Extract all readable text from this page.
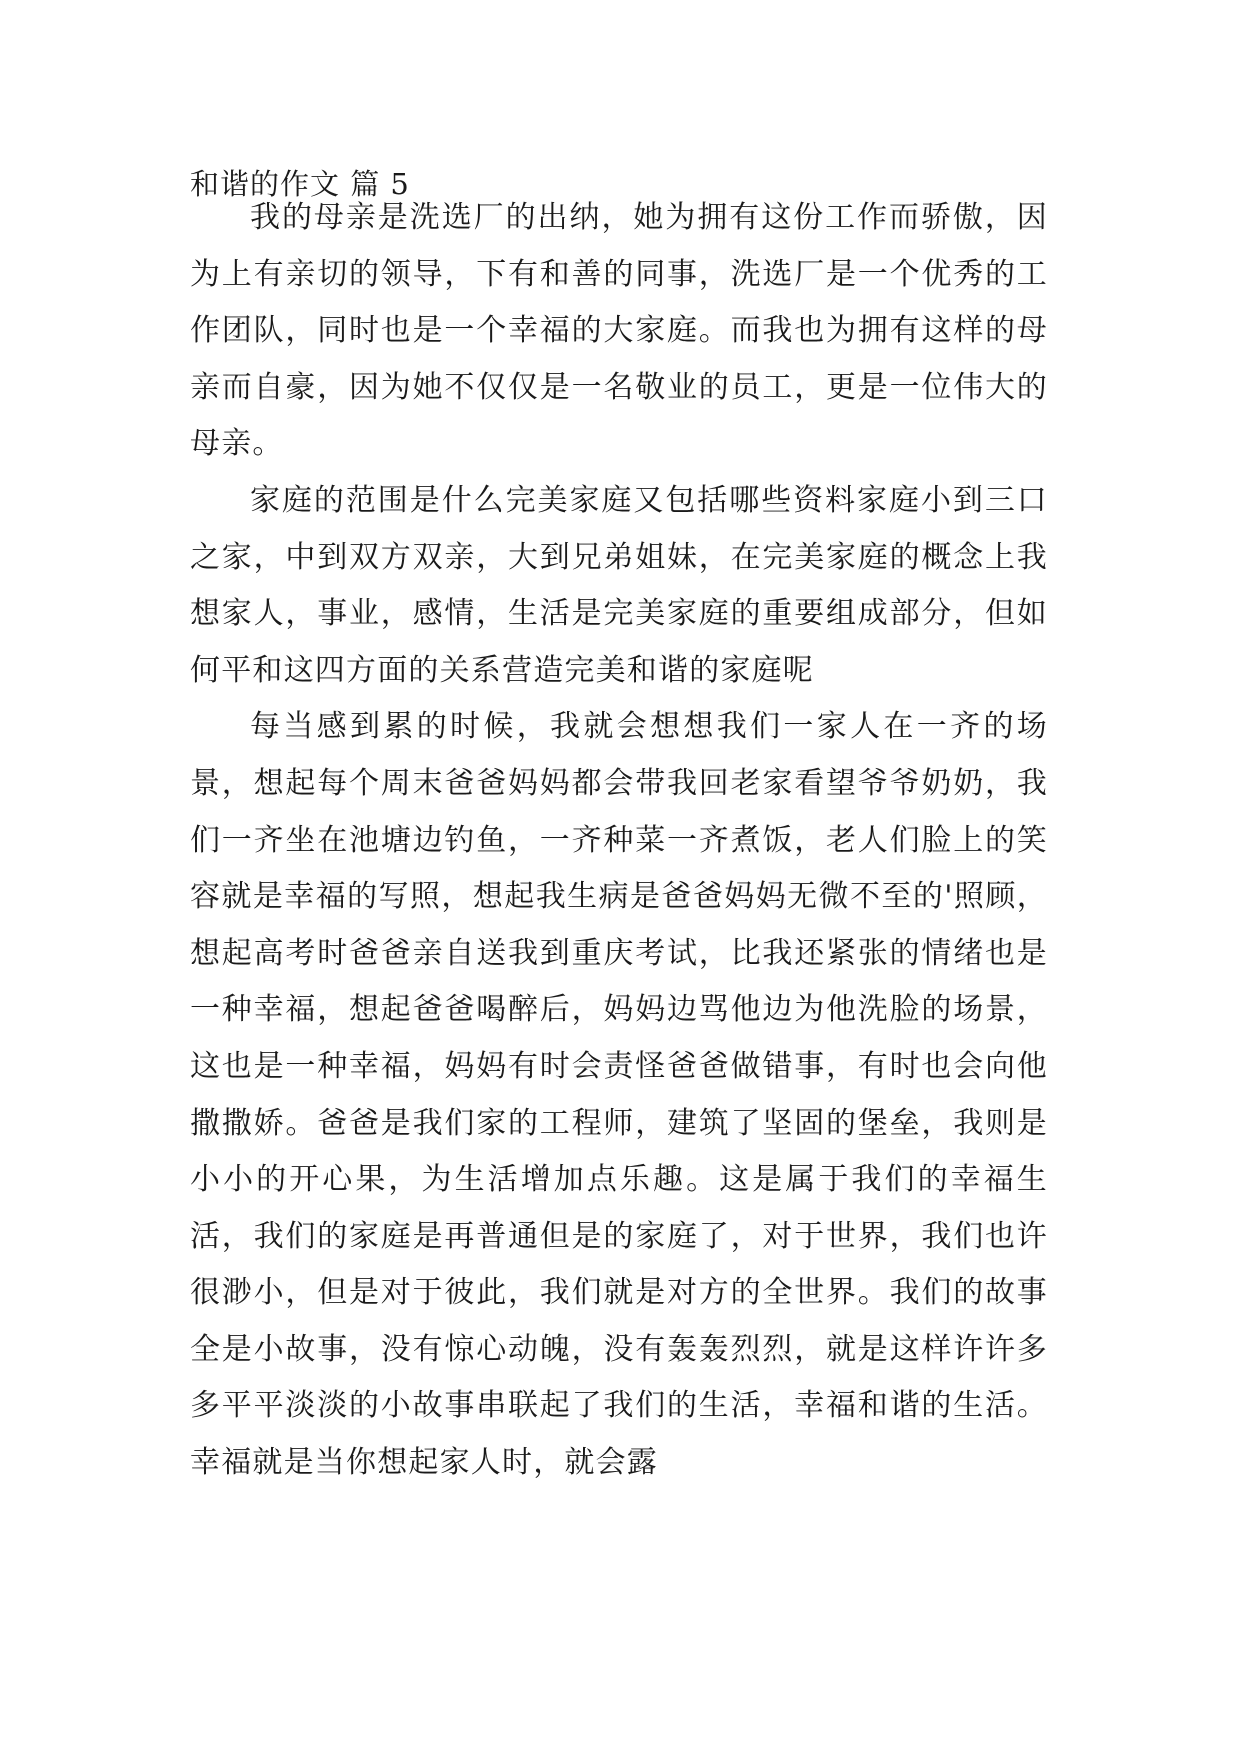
和谐的作文 篇 5

我的母亲是洗选厂的出纳，她为拥有这份工作而骄傲，因为上有亲切的领导，下有和善的同事，洗选厂是一个优秀的工作团队，同时也是一个幸福的大家庭。而我也为拥有这样的母亲而自豪，因为她不仅仅是一名敬业的员工，更是一位伟大的母亲。

家庭的范围是什么完美家庭又包括哪些资料家庭小到三口之家，中到双方双亲，大到兄弟姐妹，在完美家庭的概念上我想家人，事业，感情，生活是完美家庭的重要组成部分，但如何平和这四方面的关系营造完美和谐的家庭呢

每当感到累的时候，我就会想想我们一家人在一齐的场景，想起每个周末爸爸妈妈都会带我回老家看望爷爷奶奶，我们一齐坐在池塘边钓鱼，一齐种菜一齐煮饭，老人们脸上的笑容就是幸福的写照，想起我生病是爸爸妈妈无微不至的'照顾，想起高考时爸爸亲自送我到重庆考试，比我还紧张的情绪也是一种幸福，想起爸爸喝醉后，妈妈边骂他边为他洗脸的场景，这也是一种幸福，妈妈有时会责怪爸爸做错事，有时也会向他撒撒娇。爸爸是我们家的工程师，建筑了坚固的堡垒，我则是小小的开心果，为生活增加点乐趣。这是属于我们的幸福生活，我们的家庭是再普通但是的家庭了，对于世界，我们也许很渺小，但是对于彼此，我们就是对方的全世界。我们的故事全是小故事，没有惊心动魄，没有轰轰烈烈，就是这样许许多多平平淡淡的小故事串联起了我们的生活，幸福和谐的生活。幸福就是当你想起家人时，就会露
